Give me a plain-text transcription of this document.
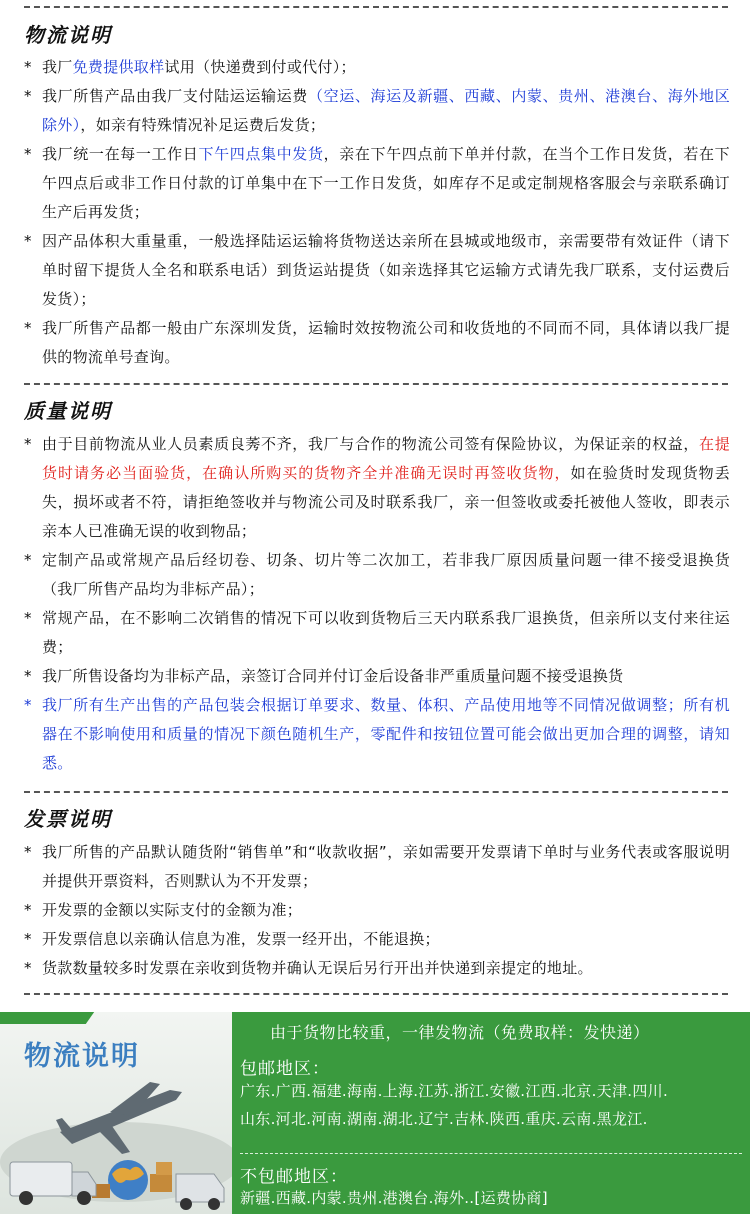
物流说明
* 我厂免费提供取样试用（快递费到付或代付）；
* 我厂所售产品由我厂支付陆运运输运费（空运、海运及新疆、西藏、内蒙、贵州、港澳台、海外地区除外），如亲有特殊情况补足运费后发货；
* 我厂统一在每一工作日下午四点集中发货，亲在下午四点前下单并付款，在当个工作日发货，若在下午四点后或非工作日付款的订单集中在下一工作日发货，如库存不足或定制规格客服会与亲联系确订生产后再发货；
* 因产品体积大重量重，一般选择陆运运输将货物送达亲所在县城或地级市，亲需要带有效证件（请下单时留下提货人全名和联系电话）到货运站提货（如亲选择其它运输方式请先我厂联系，支付运费后发货）；
* 我厂所售产品都一般由广东深圳发货，运输时效按物流公司和收货地的不同而不同，具体请以我厂提供的物流单号查询。
质量说明
* 由于目前物流从业人员素质良莠不齐，我厂与合作的物流公司签有保险协议，为保证亲的权益，在提货时请务必当面验货，在确认所购买的货物齐全并准确无误时再签收货物，如在验货时发现货物丢失，损坏或者不符，请拒绝签收并与物流公司及时联系我厂，亲一但签收或委托被他人签收，即表示亲本人已准确无误的收到物品；
* 定制产品或常规产品后经切卷、切条、切片等二次加工，若非我厂原因质量问题一律不接受退换货（我厂所售产品均为非标产品）；
* 常规产品，在不影响二次销售的情况下可以收到货物后三天内联系我厂退换货，但亲所以支付来往运费；
* 我厂所售设备均为非标产品，亲签订合同并付订金后设备非严重质量问题不接受退换货
* 我厂所有生产出售的产品包装会根据订单要求、数量、体积、产品使用地等不同情况做调整；所有机器在不影响使用和质量的情况下颜色随机生产，零配件和按钮位置可能会做出更加合理的调整，请知悉。
发票说明
* 我厂所售的产品默认随货附“销售单”和“收款收据”，亲如需要开发票请下单时与业务代表或客服说明并提供开票资料，否则默认为不开发票；
* 开发票的金额以实际支付的金额为准；
* 开发票信息以亲确认信息为准，发票一经开出，不能退换；
* 货款数量较多时发票在亲收到货物并确认无误后另行开出并快递到亲提定的地址。
物流说明
由于货物比较重，一律发物流（免费取样：发快递）
包邮地区：
广东.广西.福建.海南.上海.江苏.浙江.安徽.江西.北京.天津.四川.
山东.河北.河南.湖南.湖北.辽宁.吉林.陕西.重庆.云南.黑龙江.
不包邮地区：
新疆.西藏.内蒙.贵州.港澳台.海外..[运费协商]
